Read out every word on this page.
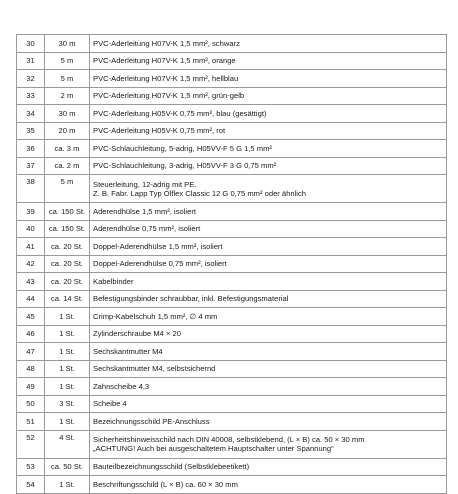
30	30 m	PVC-Aderleitung H07V-K 1,5 mm², schwarz

31	5 m	PVC-Aderleitung H07V-K 1,5 mm², orange

32	5 m	PVC-Aderleitung H07V-K 1,5 mm², hellblau

33	2 m	PVC-Aderleitung H07V-K 1,5 mm², grün-gelb

34	30 m	PVC-Aderleitung H05V-K 0,75 mm², blau (gesättigt)

35	20 m	PVC-Aderleitung H05V-K 0,75 mm², rot

36	ca. 3 m	PVC-Schlauchleitung, 5-adrig, H05VV-F 5 G 1,5 mm²

37	ca. 2 m	PVC-Schlauchleitung, 3-adrig, H05VV-F 3 G 0,75 mm²

38	5 m	Steuerleitung, 12-adrig mit PE.
Z. B. Fabr. Lapp Typ Ölflex Classic 12 G 0,75 mm² oder ähnlich

39	ca. 150 St.	Aderendhülse 1,5 mm², isoliert

40	ca. 150 St.	Aderendhülse 0,75 mm², isoliert

41	ca. 20 St.	Doppel-Aderendhülse 1,5 mm², isoliert

42	ca. 20 St.	Doppel-Aderendhülse 0,75 mm², isoliert

43	ca. 20 St.	Kabelbinder

44	ca. 14 St.	Befestigungsbinder schraubbar, inkl. Befestigungsmaterial

45	1 St.	Crimp-Kabelschuh 1,5 mm², ∅ 4 mm

46	1 St.	Zylinderschraube M4 × 20

47	1 St.	Sechskantmutter M4

48	1 St.	Sechskantmutter M4, selbstsichernd

49	1 St.	Zahnscheibe 4,3

50	3 St.	Scheibe 4

51	1 St.	Bezeichnungsschild PE-Anschluss

52	4 St.	Sicherheitshinweisschild nach DIN 40008, selbstklebend, (L × B) ca. 50 × 30 mm
„ACHTUNG! Auch bei ausgeschaltetem Hauptschalter unter Spannung“

53	ca. 50 St.	Bauteilbezeichnungsschild (Selbstklebeetikett)

54	1 St.	Beschriftungsschild (L × B) ca. 60 × 30 mm
